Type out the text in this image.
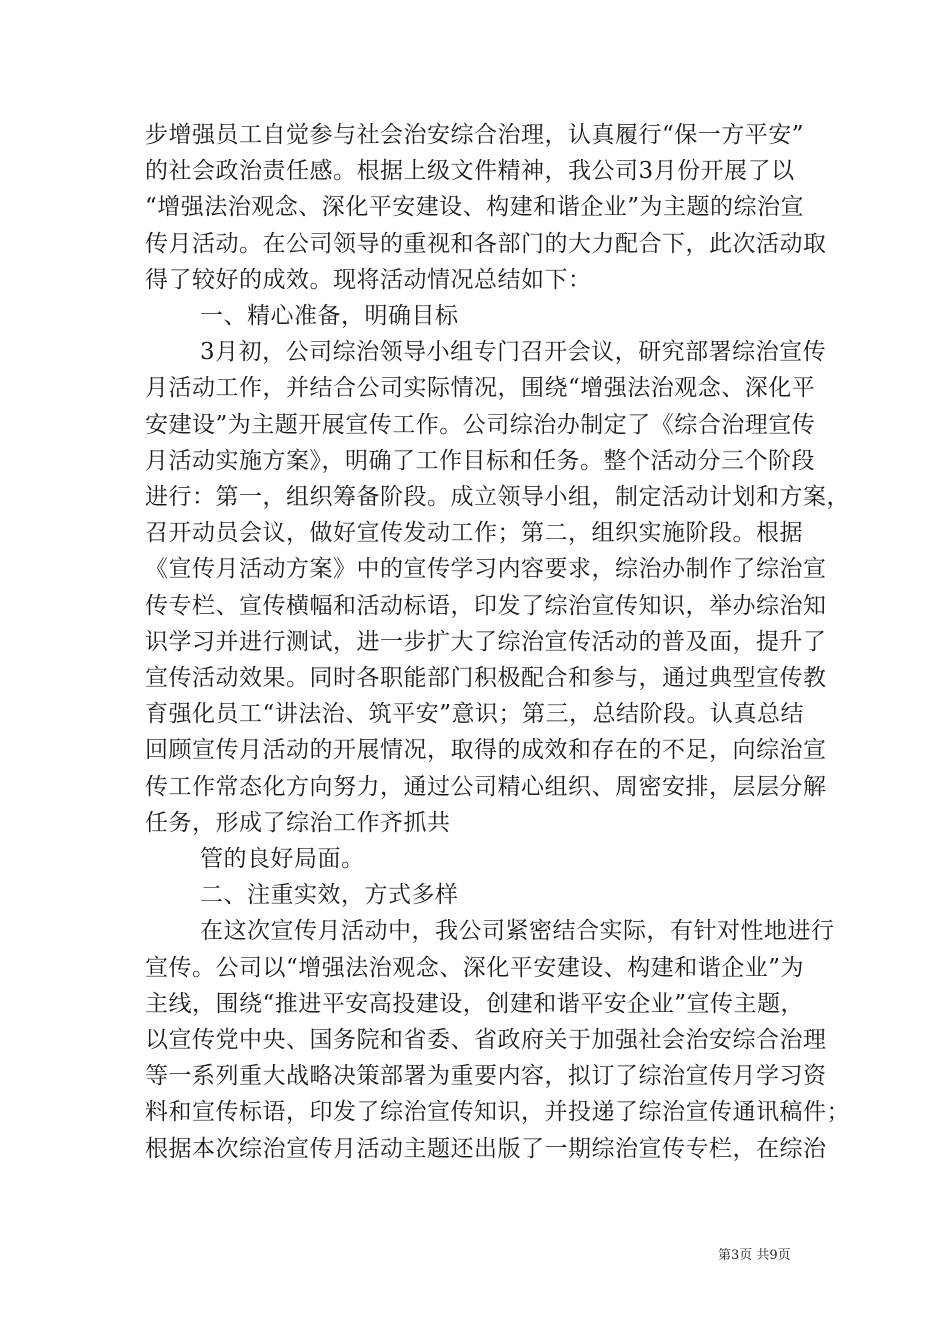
步增强员工自觉参与社会治安综合治理，认真履行“保一方平安”
的社会政治责任感。根据上级文件精神，我公司3月份开展了以
“增强法治观念、深化平安建设、构建和谐企业”为主题的综治宣
传月活动。在公司领导的重视和各部门的大力配合下，此次活动取
得了较好的成效。现将活动情况总结如下：
一、精心准备，明确目标
3月初，公司综治领导小组专门召开会议，研究部署综治宣传
月活动工作，并结合公司实际情况，围绕“增强法治观念、深化平
安建设”为主题开展宣传工作。公司综治办制定了《综合治理宣传
月活动实施方案》，明确了工作目标和任务。整个活动分三个阶段
进行：第一，组织筹备阶段。成立领导小组，制定活动计划和方案，
召开动员会议，做好宣传发动工作；第二，组织实施阶段。根据
《宣传月活动方案》中的宣传学习内容要求，综治办制作了综治宣
传专栏、宣传横幅和活动标语，印发了综治宣传知识，举办综治知
识学习并进行测试，进一步扩大了综治宣传活动的普及面，提升了
宣传活动效果。同时各职能部门积极配合和参与，通过典型宣传教
育强化员工“讲法治、筑平安”意识；第三，总结阶段。认真总结
回顾宣传月活动的开展情况，取得的成效和存在的不足，向综治宣
传工作常态化方向努力，通过公司精心组织、周密安排，层层分解
任务，形成了综治工作齐抓共
管的良好局面。
二、注重实效，方式多样
在这次宣传月活动中，我公司紧密结合实际，有针对性地进行
宣传。公司以“增强法治观念、深化平安建设、构建和谐企业”为
主线，围绕“推进平安高投建设，创建和谐平安企业”宣传主题，
以宣传党中央、国务院和省委、省政府关于加强社会治安综合治理
等一系列重大战略决策部署为重要内容，拟订了综治宣传月学习资
料和宣传标语，印发了综治宣传知识，并投递了综治宣传通讯稿件；
根据本次综治宣传月活动主题还出版了一期综治宣传专栏，在综治
第3页 共9页
